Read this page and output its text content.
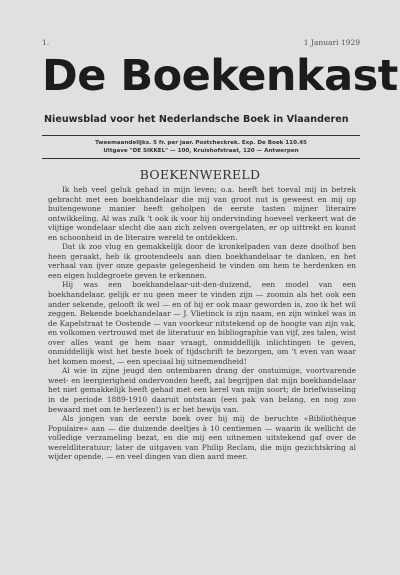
1.	1 Januari 1929
De Boekenkast
Nieuwsblad voor het Nederlandsche Boek in Vlaanderen
Tweemaandelijks. 5 fr. per jaar. Postcheckrek. Exp. De Boek 110.45
Uitgave "DE SIKKEL" — 100, Kruishofstraat, 120 — Antwerpen
BOEKENWERELD

Ik heb veel geluk gehad in mijn leven; o.a. heeft het toeval mij in betrek gebracht met een boekhandelaar die mij van groot nut is geweest en mij op buitengewone manier heeft geholpen de eerste tasten mijner literaire ontwikkeling. Al was zulk 't ook ik voor hij ondervinding hoeveel verkeert wat de vlijtige wondelaar slecht die aan zich zelven overgelaten, er op uittrekt en kunst en schoonheid in de literaire wereld te ontdekken.

Dat ik zoo vlug en gemakkelijk door de kronkelpaden van deze doolhof ben heen geraakt, heb ik grootendeels aan dien boekhandelaar te danken, en het verhaal van ijver onze gepaste gelegenheid te vinden om hem te herdenken en een eigen huldegroete geven te erkennen.

Hij was een boekhandelaar-uit-den-duizend, een model van een boekhandelaar, gelijk er nu geen meer te vinden zijn — zoomin als het ook een ander sekende, gelooft ik wel — en of hij er ook maar geworden is, zoo ik het wil zeggen. Bekende boekhandelaar — J. Vlietinck is zijn naam, en zijn winkel was in de Kapelstraat te Oostende — van voorkeur nitstekend op de hoogte van zijn vak, en volkomen vertrouwd met de literatuur en bibliographie van vijf, zes talen, wist over alles want ge hem naar vraagt, onmiddellijk inlichtingen te geven, onmiddellijk wist het beste boek of tijdschrift te bezorgen, om 't even van waar het komen moest, — een speciaal bij uitnemendheid!

Al wie in zijne jeugd den ontembaren drang der onstuimige, voortvarende weet- en leergierigheid ondervonden heeft, zal begrijpen dat mijn boekhandelaar het niet gemakkelijk heeft gehad met een kerel van mijn soort; de briefwisseling in de periode 1889-1910 daaruit ontstaan (een pak van belang, en nog zoo bewaard met om te herlezen!) is er het bewijs van.

Als jongen van de eerste boek over bij mij de beruchte «Bibliothèque Populaire» aan — die duizende deeltjes à 10 centiemen — waarin ik wellicht de volledige verzameling bezat, en die mij een uitnemen uitstekend gaf over de wereldliteratuur; later de uitgaven van Philip Reclam, die mijn gezichtskring al wijder opende, — en veel dingen van dien aard meer.
